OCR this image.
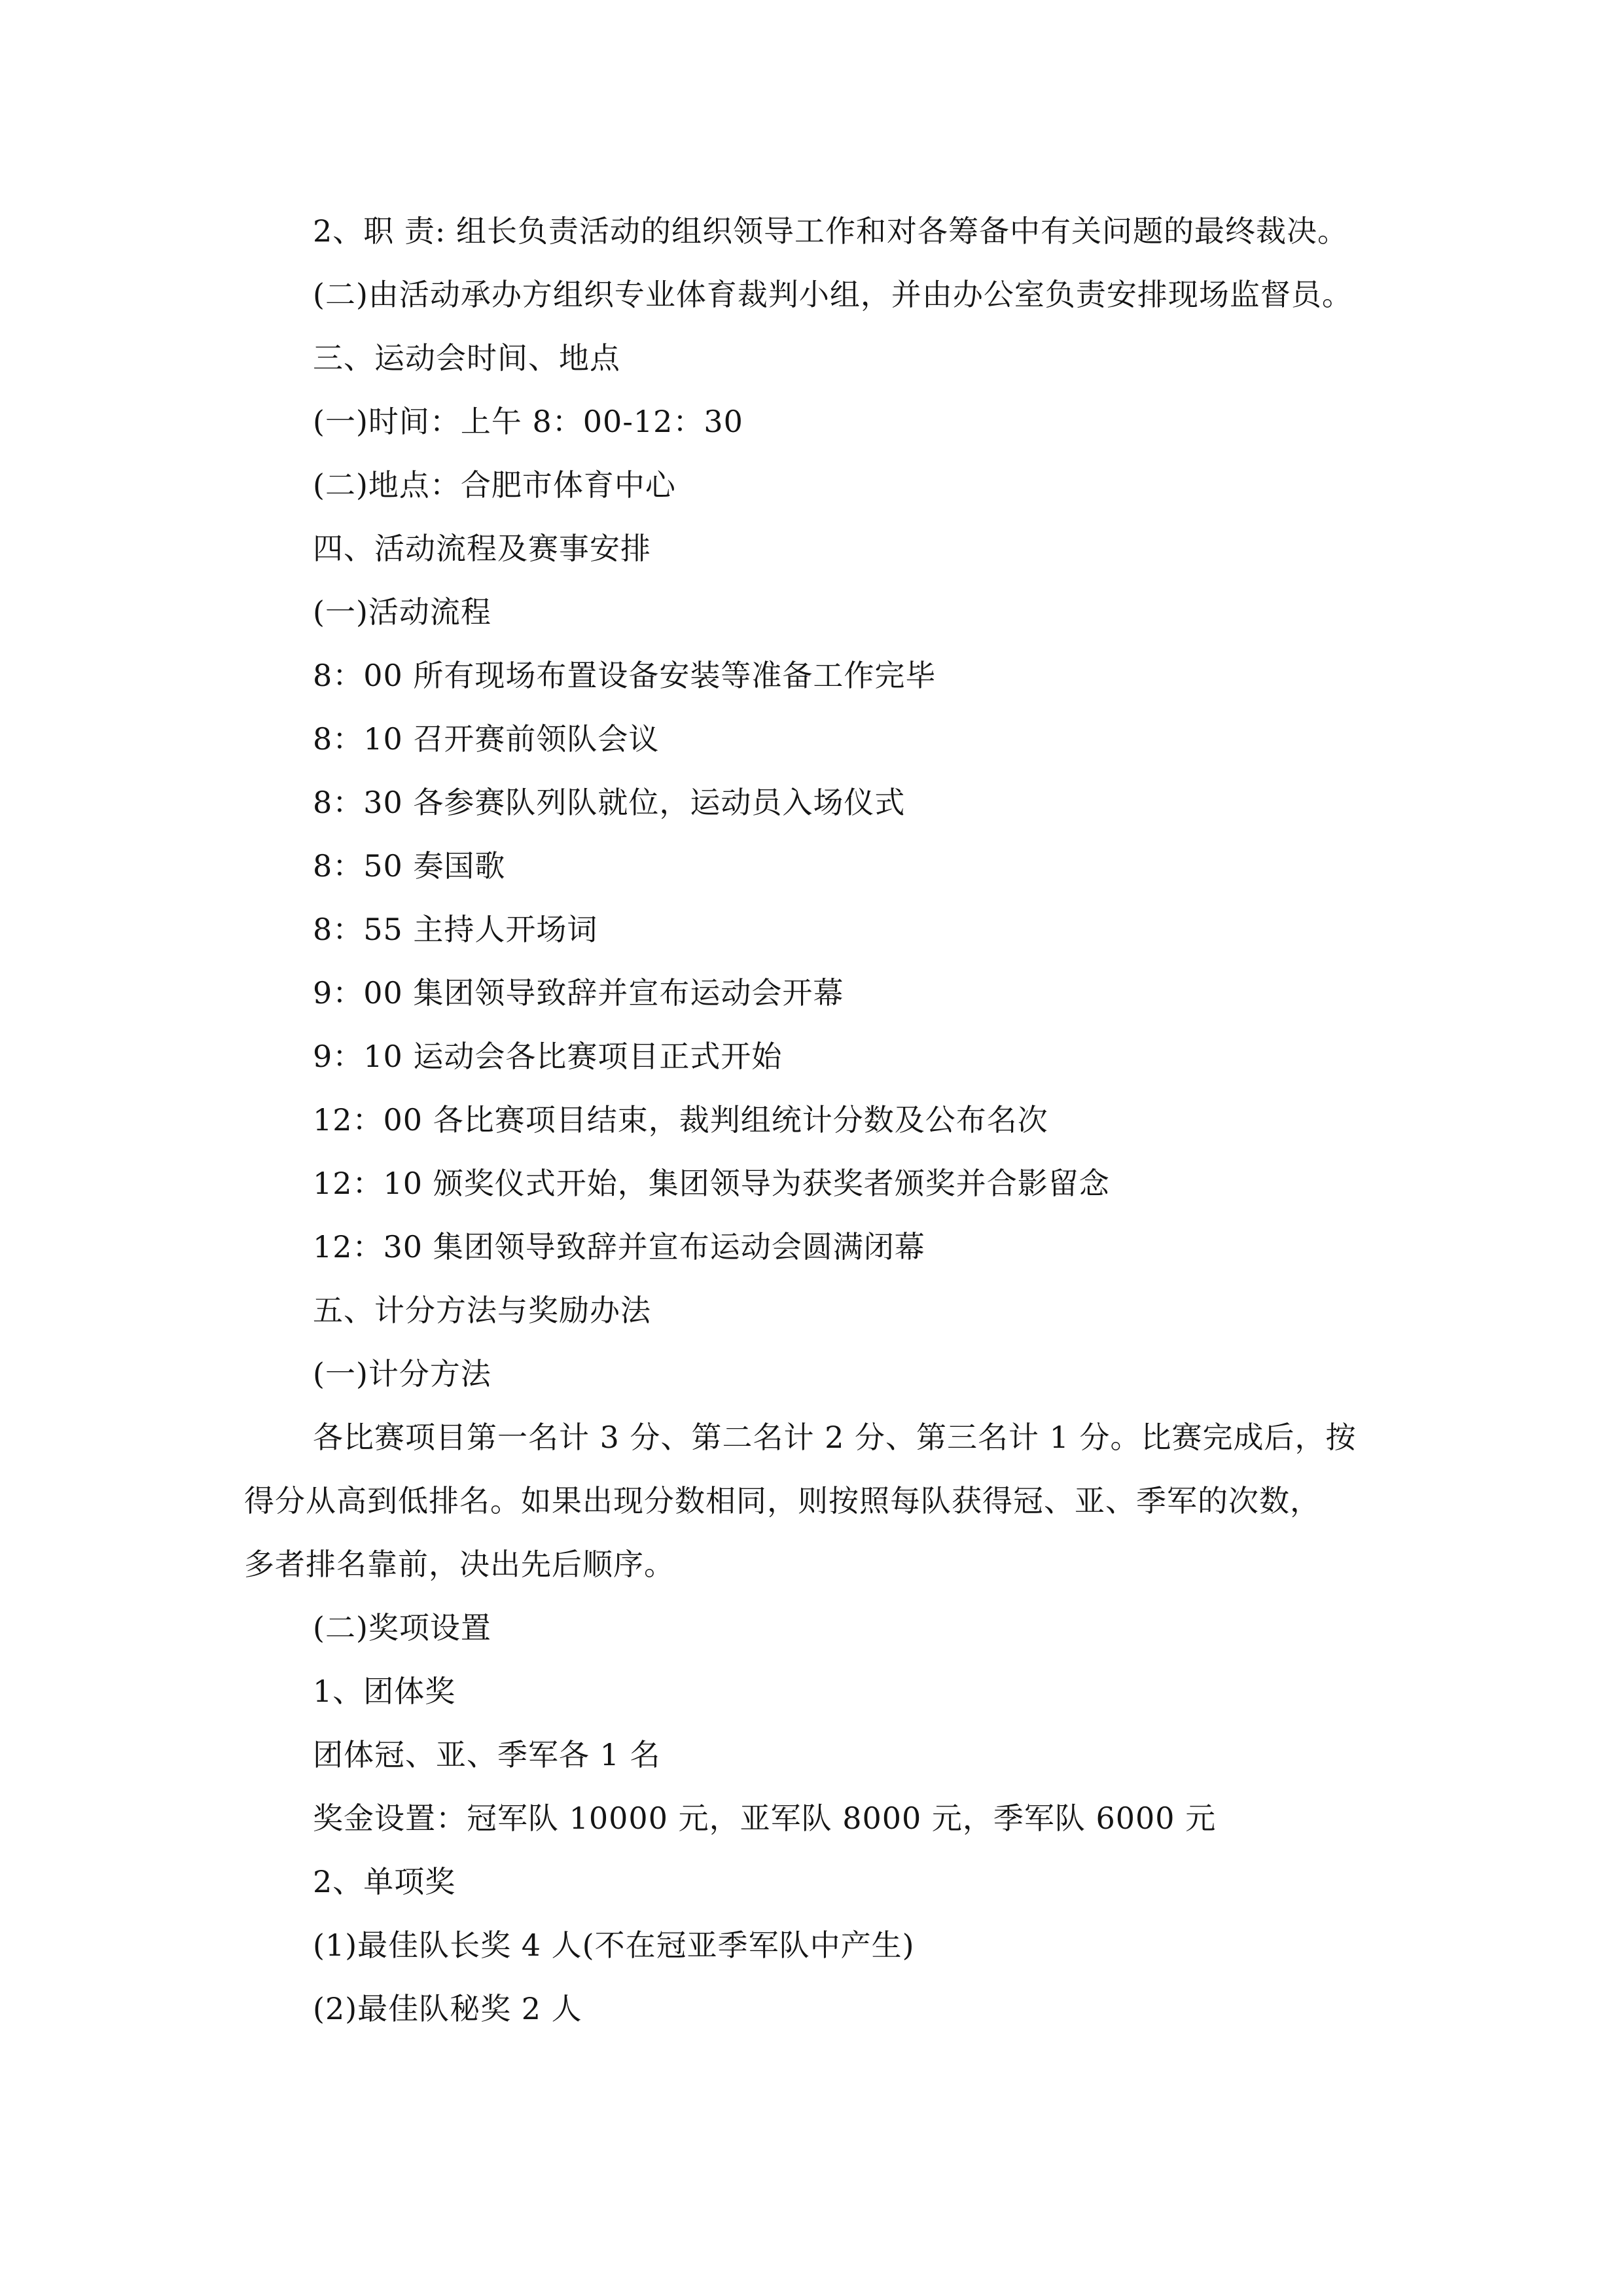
2、职 责: 组长负责活动的组织领导工作和对各筹备中有关问题的最终裁决。
(二)由活动承办方组织专业体育裁判小组，并由办公室负责安排现场监督员。
三、运动会时间、地点
(一)时间：上午 8：00-12：30
(二)地点：合肥市体育中心
四、活动流程及赛事安排
(一)活动流程
8：00 所有现场布置设备安装等准备工作完毕
8：10 召开赛前领队会议
8：30 各参赛队列队就位，运动员入场仪式
8：50 奏国歌
8：55 主持人开场词
9：00 集团领导致辞并宣布运动会开幕
9：10 运动会各比赛项目正式开始
12：00 各比赛项目结束，裁判组统计分数及公布名次
12：10 颁奖仪式开始，集团领导为获奖者颁奖并合影留念
12：30 集团领导致辞并宣布运动会圆满闭幕
五、计分方法与奖励办法
(一)计分方法
各比赛项目第一名计 3 分、第二名计 2 分、第三名计 1 分。比赛完成后，按
得分从高到低排名。如果出现分数相同，则按照每队获得冠、亚、季军的次数，
多者排名靠前，决出先后顺序。
(二)奖项设置
1、团体奖
团体冠、亚、季军各 1 名
奖金设置：冠军队 10000 元，亚军队 8000 元，季军队 6000 元
2、单项奖
(1)最佳队长奖 4 人(不在冠亚季军队中产生)
(2)最佳队秘奖 2 人
